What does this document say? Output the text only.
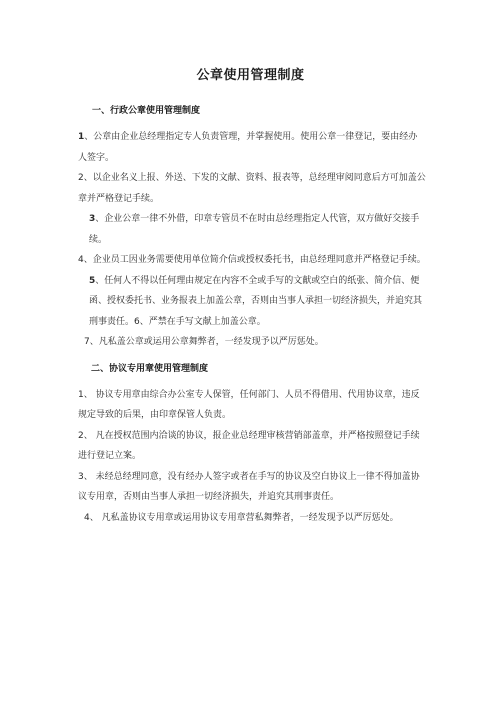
公章使用管理制度
一、行政公章使用管理制度
1、公章由企业总经理指定专人负责管理，并掌握使用。使用公章一律登记，要由经办人签字。
2、以企业名义上报、外送、下发的文献、资料、报表等，总经理审阅同意后方可加盖公章并严格登记手续。
3、企业公章一律不外借，印章专管员不在时由总经理指定人代管，双方做好交接手续。
4、企业员工因业务需要使用单位简介信或授权委托书，由总经理同意并严格登记手续。
5、任何人不得以任何理由规定在内容不全或手写的文献或空白的纸张、简介信、便函、授权委托书、业务报表上加盖公章，否则由当事人承担一切经济损失，并追究其刑事责任。6、严禁在手写文献上加盖公章。
7、凡私盖公章或运用公章舞弊者，一经发现予以严厉惩处。
二、协议专用章使用管理制度
1、 协议专用章由综合办公室专人保管，任何部门、人员不得借用、代用协议章，违反规定导致的后果，由印章保管人负责。
2、 凡在授权范围内洽谈的协议，报企业总经理审核营销部盖章，并严格按照登记手续进行登记立案。
3、 未经总经理同意，没有经办人签字或者在手写的协议及空白协议上一律不得加盖协议专用章，否则由当事人承担一切经济损失，并追究其刑事责任。
4、 凡私盖协议专用章或运用协议专用章营私舞弊者，一经发现予以严厉惩处。
